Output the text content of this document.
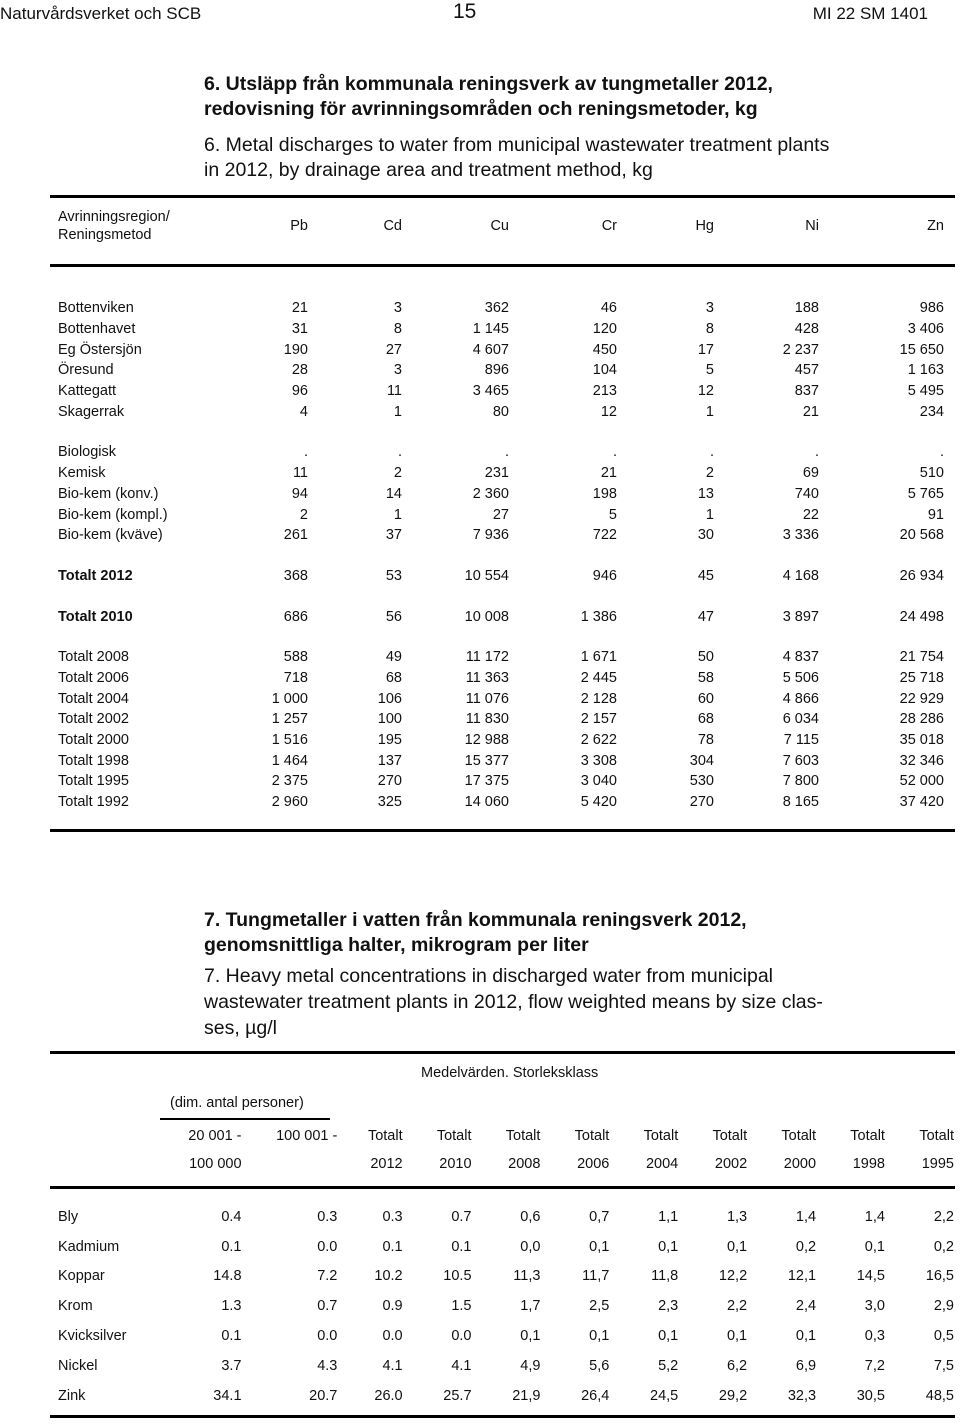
Naturvårdsverket och SCB	15	MI 22 SM 1401
6. Utsläpp från kommunala reningsverk av tungmetaller 2012,
redovisning för avrinningsområden och reningsmetoder, kg
6. Metal discharges to water from municipal wastewater treatment plants
in 2012, by drainage area and treatment method, kg
Avrinningsregion/
Reningsmetod	Pb	Cd	Cu	Cr	Hg	Ni	Zn
Bottenviken	21	3	362	46	3	188	986
Bottenhavet	31	8	1 145	120	8	428	3 406
Eg Östersjön	190	27	4 607	450	17	2 237	15 650
Öresund	28	3	896	104	5	457	1 163
Kattegatt	96	11	3 465	213	12	837	5 495
Skagerrak	4	1	80	12	1	21	234

Biologisk	.	.	.	.	.	.	.
Kemisk	11	2	231	21	2	69	510
Bio-kem (konv.)	94	14	2 360	198	13	740	5 765
Bio-kem (kompl.)	2	1	27	5	1	22	91
Bio-kem (kväve)	261	37	7 936	722	30	3 336	20 568

Totalt 2012	368	53	10 554	946	45	4 168	26 934

Totalt 2010	686	56	10 008	1 386	47	3 897	24 498

Totalt 2008	588	49	11 172	1 671	50	4 837	21 754
Totalt 2006	718	68	11 363	2 445	58	5 506	25 718
Totalt 2004	1 000	106	11 076	2 128	60	4 866	22 929
Totalt 2002	1 257	100	11 830	2 157	68	6 034	28 286
Totalt 2000	1 516	195	12 988	2 622	78	7 115	35 018
Totalt 1998	1 464	137	15 377	3 308	304	7 603	32 346
Totalt 1995	2 375	270	17 375	3 040	530	7 800	52 000
Totalt 1992	2 960	325	14 060	5 420	270	8 165	37 420
7. Tungmetaller i vatten från kommunala reningsverk 2012,
genomsnittliga halter, mikrogram per liter
7. Heavy metal concentrations in discharged water from municipal
wastewater treatment plants in 2012, flow weighted means by size clas-
ses, µg/l
Medelvärden. Storleksklass
(dim. antal personer)
	20 001 -	100 001 -	Totalt	Totalt	Totalt	Totalt	Totalt	Totalt	Totalt	Totalt	Totalt
	100 000		2012	2010	2008	2006	2004	2002	2000	1998	1995
Bly	0.4	0.3	0.3	0.7	0,6	0,7	1,1	1,3	1,4	1,4	2,2
Kadmium	0.1	0.0	0.1	0.1	0,0	0,1	0,1	0,1	0,2	0,1	0,2
Koppar	14.8	7.2	10.2	10.5	11,3	11,7	11,8	12,2	12,1	14,5	16,5
Krom	1.3	0.7	0.9	1.5	1,7	2,5	2,3	2,2	2,4	3,0	2,9
Kvicksilver	0.1	0.0	0.0	0.0	0,1	0,1	0,1	0,1	0,1	0,3	0,5
Nickel	3.7	4.3	4.1	4.1	4,9	5,6	5,2	6,2	6,9	7,2	7,5
Zink	34.1	20.7	26.0	25.7	21,9	26,4	24,5	29,2	32,3	30,5	48,5
